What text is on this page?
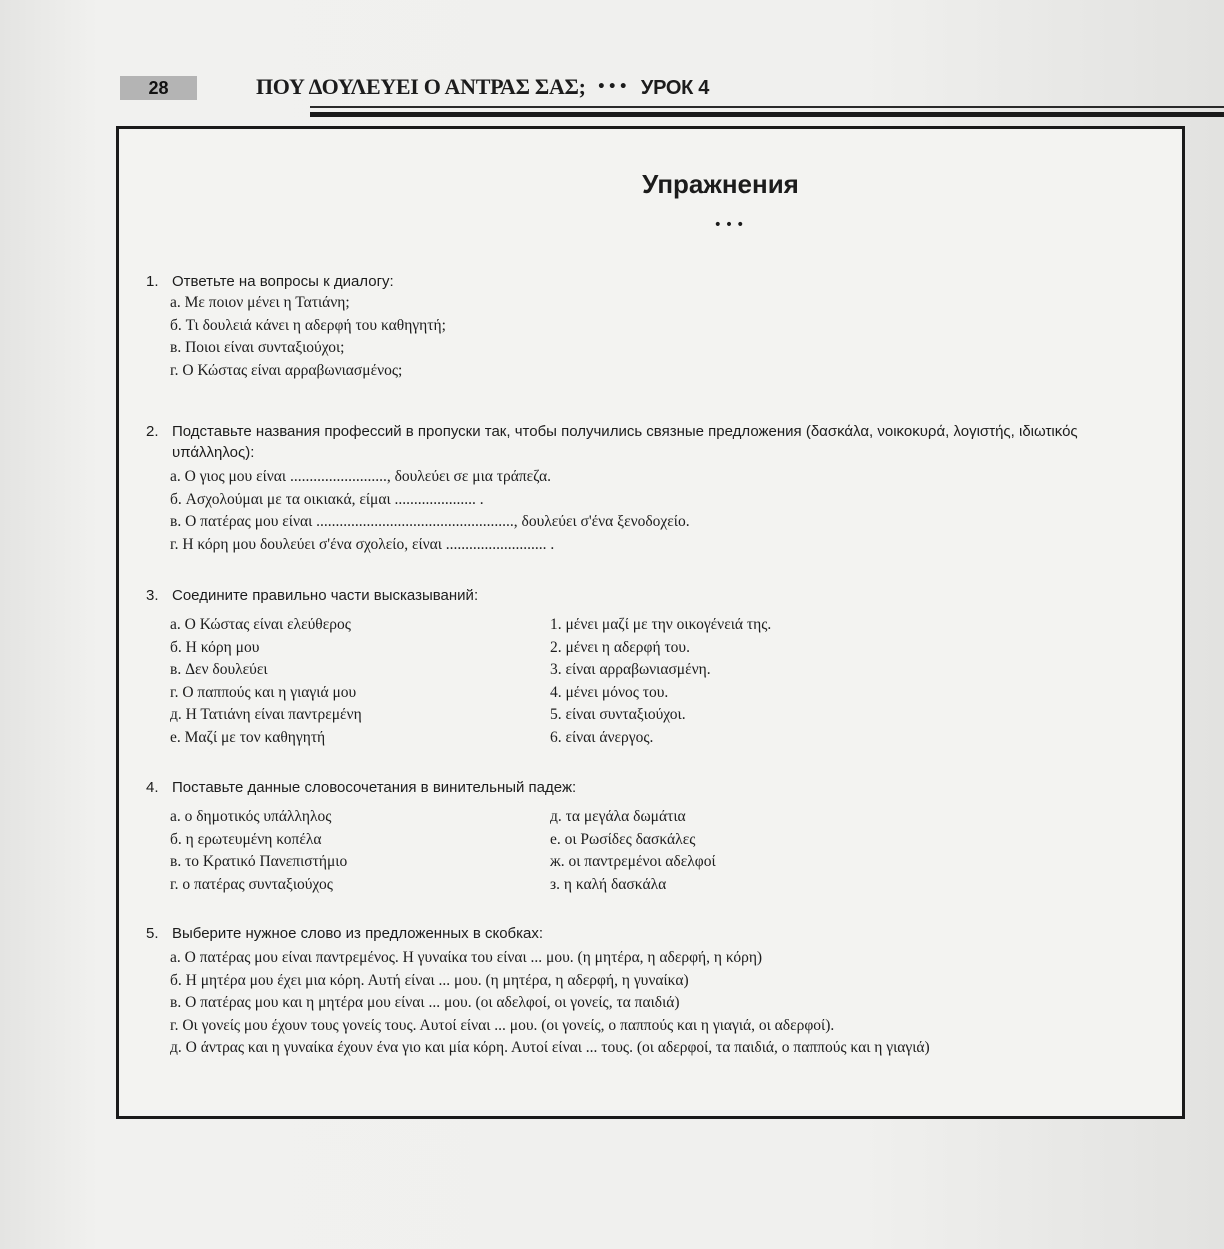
28	ΠΟΥ ΔΟΥΛΕΥΕΙ Ο ΑΝΤΡΑΣ ΣΑΣ; ••• УРОК 4
Упражнения
•••
1. Ответьте на вопросы к диалогу:
а. Με ποιον μένει η Τατιάνη;
б. Τι δουλειά κάνει η αδερφή του καθηγητή;
в. Ποιοι είναι συνταξιούχοι;
г. Ο Κώστας είναι αρραβωνιασμένος;
2. Подставьте названия профессий в пропуски так, чтобы получились связные предложения (δασκάλα, νοικοκυρά, λογιστής, ιδιωτικός υπάλληλος):
а. Ο γιος μου είναι ........................., δουλεύει σε μια τράπεζα.
б. Ασχολούμαι με τα οικιακά, είμαι ..................... .
в. Ο πατέρας μου είναι ..................................................., δουλεύει σ'ένα ξενοδοχείο.
г. Η κόρη μου δουλεύει σ'ένα σχολείο, είναι .......................... .
3. Соедините правильно части высказываний:
а. Ο Κώστας είναι ελεύθερος
б. Η κόρη μου
в. Δεν δουλεύει
г. Ο παππούς και η γιαγιά μου
д. Η Τατιάνη είναι παντρεμένη
е. Μαζί με τον καθηγητή
1. μένει μαζί με την οικογένειά της.
2. μένει η αδερφή του.
3. είναι αρραβωνιασμένη.
4. μένει μόνος του.
5. είναι συνταξιούχοι.
6. είναι άνεργος.
4. Поставьте данные словосочетания в винительный падеж:
а. ο δημοτικός υπάλληλος
б. η ερωτευμένη κοπέλα
в. το Κρατικό Πανεπιστήμιο
г. ο πατέρας συνταξιούχος
д. τα μεγάλα δωμάτια
е. οι Ρωσίδες δασκάλες
ж. οι παντρεμένοι αδελφοί
з. η καλή δασκάλα
5. Выберите нужное слово из предложенных в скобках:
а. Ο πατέρας μου είναι παντρεμένος. Η γυναίκα του είναι ... μου. (η μητέρα, η αδερφή, η κόρη)
б. Η μητέρα μου έχει μια κόρη. Αυτή είναι ... μου. (η μητέρα, η αδερφή, η γυναίκα)
в. Ο πατέρας μου και η μητέρα μου είναι ... μου. (οι αδελφοί, οι γονείς, τα παιδιά)
г. Οι γονείς μου έχουν τους γονείς τους. Αυτοί είναι ... μου. (οι γονείς, ο παππούς και η γιαγιά, οι αδερφοί).
д. Ο άντρας και η γυναίκα έχουν ένα γιο και μία κόρη. Αυτοί είναι ... τους. (οι αδερφοί, τα παιδιά, ο παππούς και η γιαγιά)
